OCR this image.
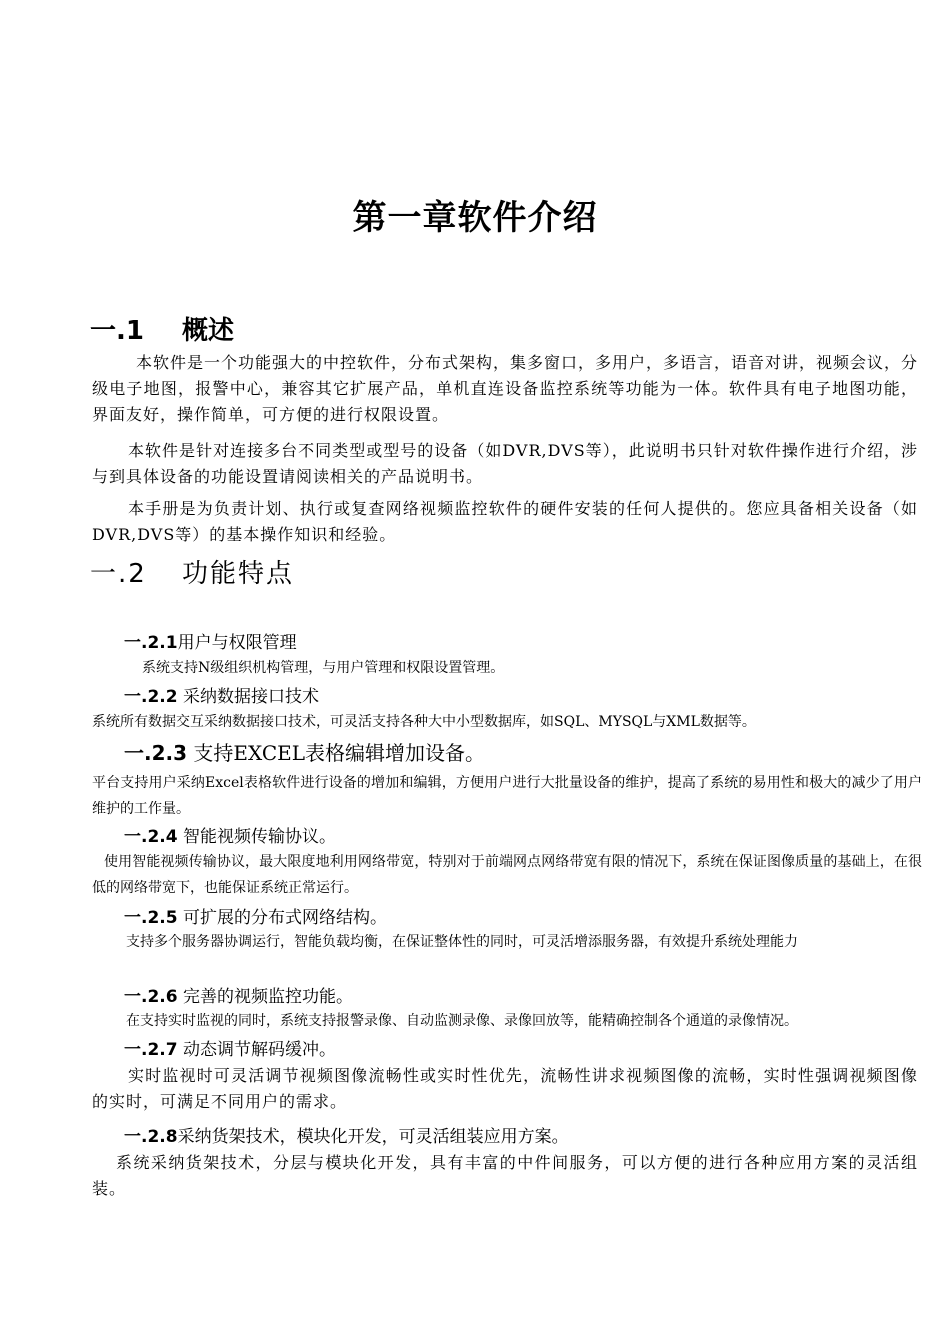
第一章软件介绍
一.1 概述
本软件是一个功能强大的中控软件，分布式架构，集多窗口，多用户，多语言，语音对讲，视频会议，分级电子地图，报警中心，兼容其它扩展产品，单机直连设备监控系统等功能为一体。软件具有电子地图功能，界面友好，操作简单，可方便的进行权限设置。
本软件是针对连接多台不同类型或型号的设备（如DVR,DVS等），此说明书只针对软件操作进行介绍，涉与到具体设备的功能设置请阅读相关的产品说明书。
本手册是为负责计划、执行或复查网络视频监控软件的硬件安装的任何人提供的。您应具备相关设备（如DVR,DVS等）的基本操作知识和经验。
一.2 功能特点
一.2.1用户与权限管理
系统支持N级组织机构管理，与用户管理和权限设置管理。
一.2.2 采纳数据接口技术
系统所有数据交互采纳数据接口技术，可灵活支持各种大中小型数据库，如SQL、MYSQL与XML数据等。
一.2.3 支持EXCEL表格编辑增加设备。
平台支持用户采纳Excel表格软件进行设备的增加和编辑，方便用户进行大批量设备的维护，提高了系统的易用性和极大的减少了用户维护的工作量。
一.2.4 智能视频传输协议。
使用智能视频传输协议，最大限度地利用网络带宽，特别对于前端网点网络带宽有限的情况下，系统在保证图像质量的基础上，在很低的网络带宽下，也能保证系统正常运行。
一.2.5 可扩展的分布式网络结构。
支持多个服务器协调运行，智能负载均衡，在保证整体性的同时，可灵活增添服务器，有效提升系统处理能力
一.2.6 完善的视频监控功能。
在支持实时监视的同时，系统支持报警录像、自动监测录像、录像回放等，能精确控制各个通道的录像情况。
一.2.7 动态调节解码缓冲。
实时监视时可灵活调节视频图像流畅性或实时性优先，流畅性讲求视频图像的流畅，实时性强调视频图像的实时，可满足不同用户的需求。
一.2.8采纳货架技术，模块化开发，可灵活组装应用方案。
系统采纳货架技术，分层与模块化开发，具有丰富的中件间服务，可以方便的进行各种应用方案的灵活组装。
